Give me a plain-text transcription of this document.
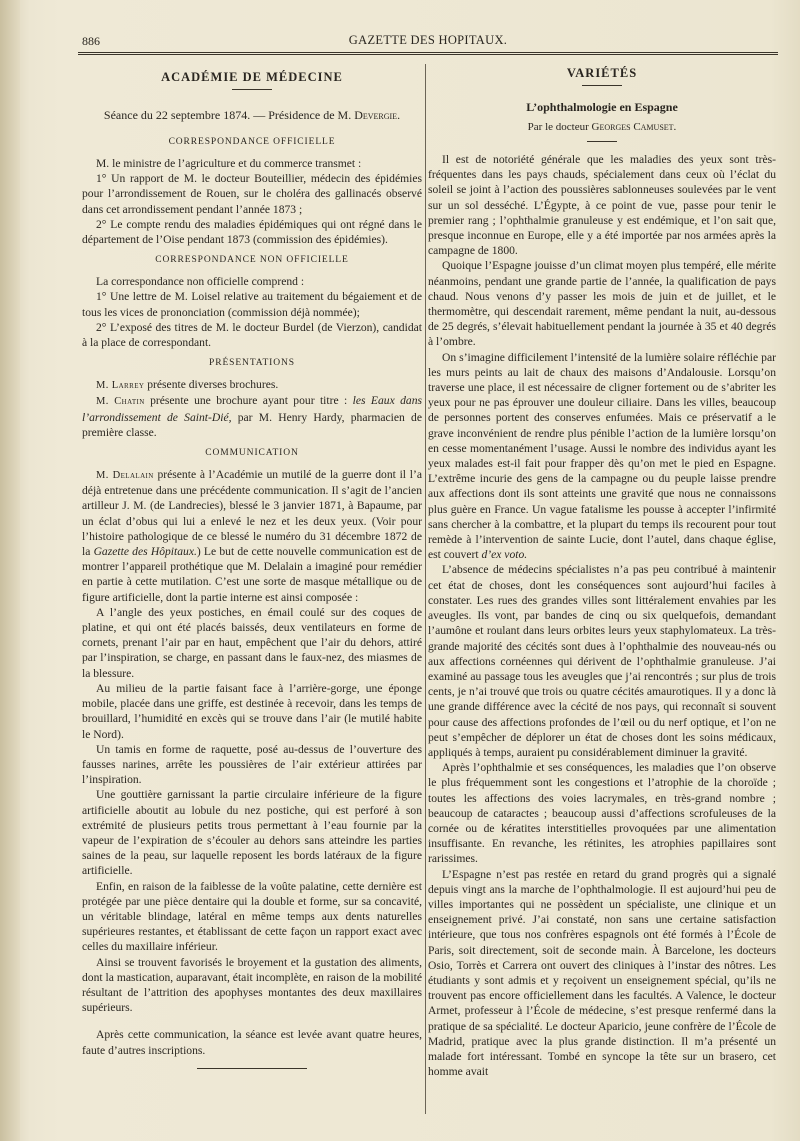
886	GAZETTE DES HOPITAUX.
ACADÉMIE DE MÉDECINE
Séance du 22 septembre 1874. — Présidence de M. Devergie.
CORRESPONDANCE OFFICIELLE

M. le ministre de l’agriculture et du commerce transmet :

1° Un rapport de M. le docteur Bouteillier, médecin des épidémies pour l’arrondissement de Rouen, sur le choléra des gallinacés observé dans cet arrondissement pendant l’année 1873 ;

2° Le compte rendu des maladies épidémiques qui ont régné dans le département de l’Oise pendant 1873 (commission des épidémies).

CORRESPONDANCE NON OFFICIELLE

La correspondance non officielle comprend :

1° Une lettre de M. Loisel relative au traitement du bégaiement et de tous les vices de prononciation (commission déjà nommée);

2° L’exposé des titres de M. le docteur Burdel (de Vierzon), candidat à la place de correspondant.

PRÉSENTATIONS

M. Larrey présente diverses brochures.

M. Chatin présente une brochure ayant pour titre : les Eaux dans l’arrondissement de Saint-Dié, par M. Henry Hardy, pharmacien de première classe.

COMMUNICATION

M. Delalain présente à l’Académie un mutilé de la guerre dont il l’a déjà entretenue dans une précédente communication. Il s’agit de l’ancien artilleur J. M. (de Landrecies), blessé le 3 janvier 1871, à Bapaume, par un éclat d’obus qui lui a enlevé le nez et les deux yeux. (Voir pour l’histoire pathologique de ce blessé le numéro du 31 décembre 1872 de la Gazette des Hôpitaux.) Le but de cette nouvelle communication est de montrer l’appareil prothétique que M. Delalain a imaginé pour remédier en partie à cette mutilation. C’est une sorte de masque métallique ou de figure artificielle, dont la partie interne est ainsi composée :

A l’angle des yeux postiches, en émail coulé sur des coques de platine, et qui ont été placés baissés, deux ventilateurs en forme de cornets, prenant l’air par en haut, empêchent que l’air du dehors, attiré par l’inspiration, se charge, en passant dans le faux-nez, des miasmes de la blessure.

Au milieu de la partie faisant face à l’arrière-gorge, une éponge mobile, placée dans une griffe, est destinée à recevoir, dans les temps de brouillard, l’humidité en excès qui se trouve dans l’air (le mutilé habite le Nord).

Un tamis en forme de raquette, posé au-dessus de l’ouverture des fausses narines, arrête les poussières de l’air extérieur attirées par l’inspiration.

Une gouttière garnissant la partie circulaire inférieure de la figure artificielle aboutit au lobule du nez postiche, qui est perforé à son extrémité de plusieurs petits trous permettant à l’eau fournie par la vapeur de l’expiration de s’écouler au dehors sans atteindre les parties saines de la peau, sur laquelle reposent les bords latéraux de la figure artificielle.

Enfin, en raison de la faiblesse de la voûte palatine, cette dernière est protégée par une pièce dentaire qui la double et forme, sur sa concavité, un véritable blindage, latéral en même temps aux dents naturelles supérieures restantes, et établissant de cette façon un rapport exact avec celles du maxillaire inférieur.

Ainsi se trouvent favorisés le broyement et la gustation des aliments, dont la mastication, auparavant, était incomplète, en raison de la mobilité résultant de l’attrition des apophyses montantes des deux maxillaires supérieurs.

Après cette communication, la séance est levée avant quatre heures, faute d’autres inscriptions.

VARIÉTÉS
L’ophthalmologie en Espagne
Par le docteur Georges Camuset.

Il est de notoriété générale que les maladies des yeux sont très-fréquentes dans les pays chauds, spécialement dans ceux où l’éclat du soleil se joint à l’action des poussières sablonneuses soulevées par le vent sur un sol desséché. L’Égypte, à ce point de vue, passe pour tenir le premier rang ; l’ophthalmie granuleuse y est endémique, et l’on sait que, presque inconnue en Europe, elle y a été importée par nos armées après la campagne de 1800.

Quoique l’Espagne jouisse d’un climat moyen plus tempéré, elle mérite néanmoins, pendant une grande partie de l’année, la qualification de pays chaud. Nous venons d’y passer les mois de juin et de juillet, et le thermomètre, qui descendait rarement, même pendant la nuit, au-dessous de 25 degrés, s’élevait habituellement pendant la journée à 35 et 40 degrés à l’ombre.

On s’imagine difficilement l’intensité de la lumière solaire réfléchie par les murs peints au lait de chaux des maisons d’Andalousie. Lorsqu’on traverse une place, il est nécessaire de cligner fortement ou de s’abriter les yeux pour ne pas éprouver une douleur ciliaire. Dans les villes, beaucoup de personnes portent des conserves enfumées. Mais ce préservatif a le grave inconvénient de rendre plus pénible l’action de la lumière lorsqu’on en cesse momentanément l’usage. Aussi le nombre des individus ayant les yeux malades est-il fait pour frapper dès qu’on met le pied en Espagne. L’extrême incurie des gens de la campagne ou du peuple laisse prendre aux affections dont ils sont atteints une gravité que nous ne connaissons plus guère en France. Un vague fatalisme les pousse à accepter l’infirmité sans chercher à la combattre, et la plupart du temps ils recourent pour tout remède à l’intervention de sainte Lucie, dont l’autel, dans chaque église, est couvert d’ex voto.

L’absence de médecins spécialistes n’a pas peu contribué à maintenir cet état de choses, dont les conséquences sont aujourd’hui faciles à constater. Les rues des grandes villes sont littéralement envahies par les aveugles. Ils vont, par bandes de cinq ou six quelquefois, demandant l’aumône et roulant dans leurs orbites leurs yeux staphylomateux. La très-grande majorité des cécités sont dues à l’ophthalmie des nouveau-nés ou aux affections cornéennes qui dérivent de l’ophthalmie granuleuse. J’ai examiné au passage tous les aveugles que j’ai rencontrés ; sur plus de trois cents, je n’ai trouvé que trois ou quatre cécités amaurotiques. Il y a donc là une grande différence avec la cécité de nos pays, qui reconnaît si souvent pour cause des affections profondes de l’œil ou du nerf optique, et l’on ne peut s’empêcher de déplorer un état de choses dont les soins médicaux, appliqués à temps, auraient pu considérablement diminuer la gravité.

Après l’ophthalmie et ses conséquences, les maladies que l’on observe le plus fréquemment sont les congestions et l’atrophie de la choroïde ; toutes les affections des voies lacrymales, en très-grand nombre ; beaucoup de cataractes ; beaucoup aussi d’affections scrofuleuses de la cornée ou de kératites interstitielles provoquées par une alimentation insuffisante. En revanche, les rétinites, les atrophies papillaires sont rarissimes.

L’Espagne n’est pas restée en retard du grand progrès qui a signalé depuis vingt ans la marche de l’ophthalmologie. Il est aujourd’hui peu de villes importantes qui ne possèdent un spécialiste, une clinique et un enseignement privé. J’ai constaté, non sans une certaine satisfaction intérieure, que tous nos confrères espagnols ont été formés à l’École de Paris, soit directement, soit de seconde main. À Barcelone, les docteurs Osio, Torrès et Carrera ont ouvert des cliniques à l’instar des nôtres. Les étudiants y sont admis et y reçoivent un enseignement spécial, qu’ils ne trouvent pas encore officiellement dans les facultés. A Valence, le docteur Armet, professeur à l’École de médecine, s’est presque renfermé dans la pratique de sa spécialité. Le docteur Aparicio, jeune confrère de l’École de Madrid, pratique avec la plus grande distinction. Il m’a présenté un malade fort intéressant. Tombé en syncope la tête sur un brasero, cet homme avait
